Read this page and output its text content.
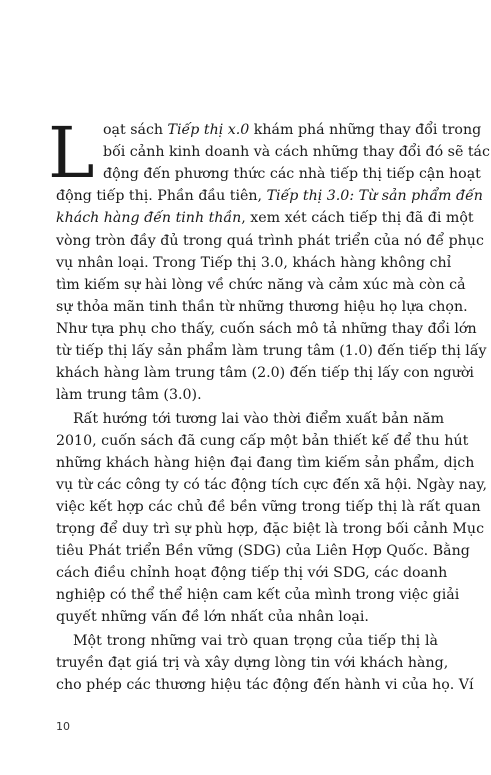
L oạt sách Tiếp thị x.0 khám phá những thay đổi trong
bối cảnh kinh doanh và cách những thay đổi đó sẽ tác
động đến phương thức các nhà tiếp thị tiếp cận hoạt
động tiếp thị. Phần đầu tiên, Tiếp thị 3.0: Từ sản phẩm đến
khách hàng đến tinh thần, xem xét cách tiếp thị đã đi một
vòng tròn đầy đủ trong quá trình phát triển của nó để phục
vụ nhân loại. Trong Tiếp thị 3.0, khách hàng không chỉ
tìm kiếm sự hài lòng về chức năng và cảm xúc mà còn cả
sự thỏa mãn tinh thần từ những thương hiệu họ lựa chọn.
Như tựa phụ cho thấy, cuốn sách mô tả những thay đổi lớn
từ tiếp thị lấy sản phẩm làm trung tâm (1.0) đến tiếp thị lấy
khách hàng làm trung tâm (2.0) đến tiếp thị lấy con người
làm trung tâm (3.0).
Rất hướng tới tương lai vào thời điểm xuất bản năm
2010, cuốn sách đã cung cấp một bản thiết kế để thu hút
những khách hàng hiện đại đang tìm kiếm sản phẩm, dịch
vụ từ các công ty có tác động tích cực đến xã hội. Ngày nay,
việc kết hợp các chủ đề bền vững trong tiếp thị là rất quan
trọng để duy trì sự phù hợp, đặc biệt là trong bối cảnh Mục
tiêu Phát triển Bền vững (SDG) của Liên Hợp Quốc. Bằng
cách điều chỉnh hoạt động tiếp thị với SDG, các doanh
nghiệp có thể thể hiện cam kết của mình trong việc giải
quyết những vấn đề lớn nhất của nhân loại.
Một trong những vai trò quan trọng của tiếp thị là
truyền đạt giá trị và xây dựng lòng tin với khách hàng,
cho phép các thương hiệu tác động đến hành vi của họ. Ví
10
